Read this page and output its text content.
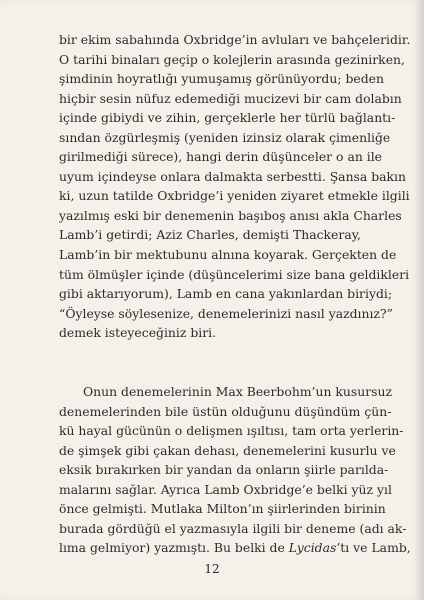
bir ekim sabahında Oxbridge’in avluları ve bahçeleridir.
O tarihi binaları geçip o kolejlerin arasında gezinirken,
şimdinin hoyratlığı yumuşamış görünüyordu; beden
hiçbir sesin nüfuz edemediği mucizevi bir cam dolabın
içinde gibiydi ve zihin, gerçeklerle her türlü bağlantı-
sından özgürleşmiş (yeniden izinsiz olarak çimenliğe
girilmediği sürece), hangi derin düşünceler o an ile
uyum içindeyse onlara dalmakta serbestti. Şansa bakın
ki, uzun tatilde Oxbridge’i yeniden ziyaret etmekle ilgili
yazılmış eski bir denemenin başıboş anısı akla Charles
Lamb’i getirdi; Aziz Charles, demişti Thackeray,
Lamb’in bir mektubunu alnına koyarak. Gerçekten de
tüm ölmüşler içinde (düşüncelerimi size bana geldikleri
gibi aktarıyorum), Lamb en cana yakınlardan biriydi;
“Öyleyse söylesenize, denemelerinizi nasıl yazdınız?”
demek isteyeceğiniz biri.
Onun denemelerinin Max Beerbohm’un kusursuz
denemelerinden bile üstün olduğunu düşündüm çün-
kü hayal gücünün o delişmen ışıltısı, tam orta yerlerin-
de şimşek gibi çakan dehası, denemelerini kusurlu ve
eksik bırakırken bir yandan da onların şiirle parılda-
malarını sağlar. Ayrıca Lamb Oxbridge’e belki yüz yıl
önce gelmişti. Mutlaka Milton’ın şiirlerinden birinin
burada gördüğü el yazmasıyla ilgili bir deneme (adı ak-
lıma gelmiyor) yazmıştı. Bu belki de Lycidas’tı ve Lamb,
12
